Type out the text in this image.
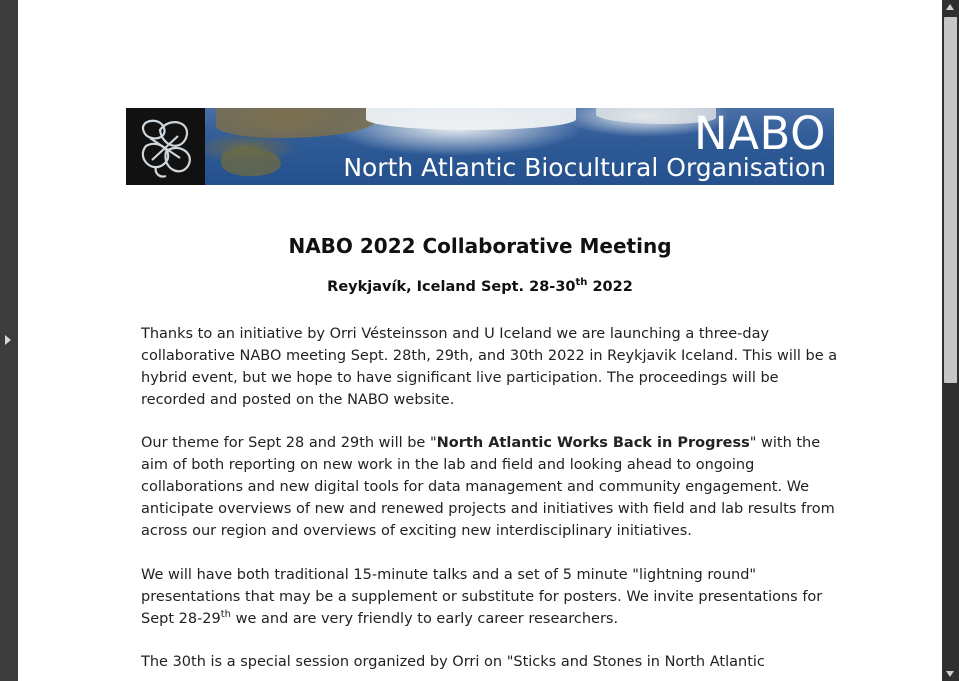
NABO
North Atlantic Biocultural Organisation
NABO 2022 Collaborative Meeting
Reykjavík, Iceland Sept. 28-30th 2022
Thanks to an initiative by Orri Vésteinsson and U Iceland we are launching a three-day collaborative NABO meeting Sept. 28th, 29th, and 30th 2022 in Reykjavik Iceland. This will be a hybrid event, but we hope to have significant live participation. The proceedings will be recorded and posted on the NABO website.
Our theme for Sept 28 and 29th will be "North Atlantic Works Back in Progress" with the aim of both reporting on new work in the lab and field and looking ahead to ongoing collaborations and new digital tools for data management and community engagement. We anticipate overviews of new and renewed projects and initiatives with field and lab results from across our region and overviews of exciting new interdisciplinary initiatives.
We will have both traditional 15-minute talks and a set of 5 minute "lightning round" presentations that may be a supplement or substitute for posters. We invite presentations for Sept 28-29th we and are very friendly to early career researchers.
The 30th is a special session organized by Orri on "Sticks and Stones in North Atlantic
